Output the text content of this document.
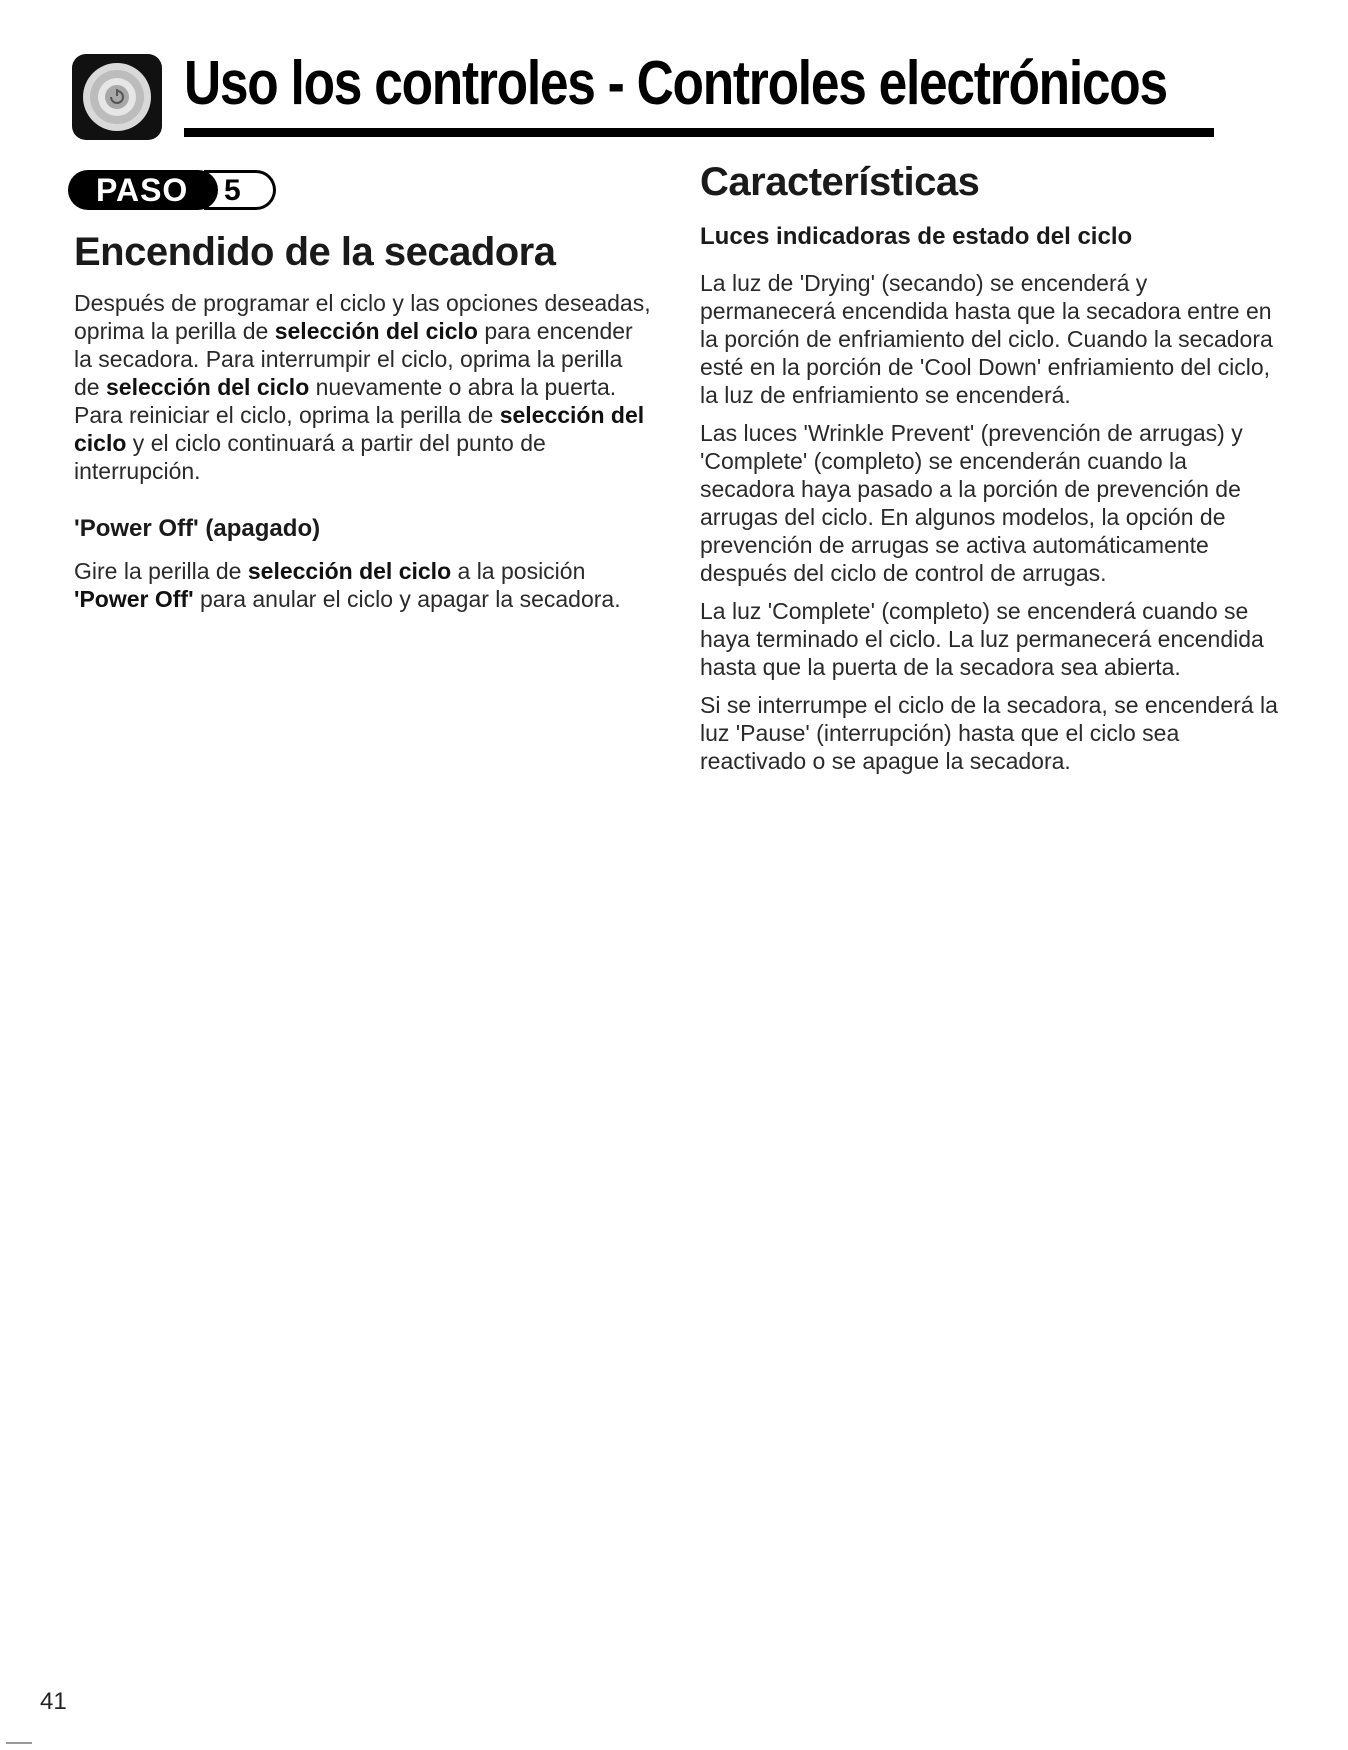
Uso los controles - Controles electrónicos
PASO 5
Encendido de la secadora

Después de programar el ciclo y las opciones deseadas, oprima la perilla de selección del ciclo para encender la secadora. Para interrumpir el ciclo, oprima la perilla de selección del ciclo nuevamente o abra la puerta. Para reiniciar el ciclo, oprima la perilla de selección del ciclo y el ciclo continuará a partir del punto de interrupción.

'Power Off' (apagado)

Gire la perilla de selección del ciclo a la posición 'Power Off' para anular el ciclo y apagar la secadora.

Características
Luces indicadoras de estado del ciclo

La luz de 'Drying' (secando) se encenderá y permanecerá encendida hasta que la secadora entre en la porción de enfriamiento del ciclo. Cuando la secadora esté en la porción de 'Cool Down' enfriamiento del ciclo, la luz de enfriamiento se encenderá.

Las luces 'Wrinkle Prevent' (prevención de arrugas) y 'Complete' (completo) se encenderán cuando la secadora haya pasado a la porción de prevención de arrugas del ciclo. En algunos modelos, la opción de prevención de arrugas se activa automáticamente después del ciclo de control de arrugas.

La luz 'Complete' (completo) se encenderá cuando se haya terminado el ciclo. La luz permanecerá encendida hasta que la puerta de la secadora sea abierta.

Si se interrumpe el ciclo de la secadora, se encenderá la luz 'Pause' (interrupción) hasta que el ciclo sea reactivado o se apague la secadora.

41
